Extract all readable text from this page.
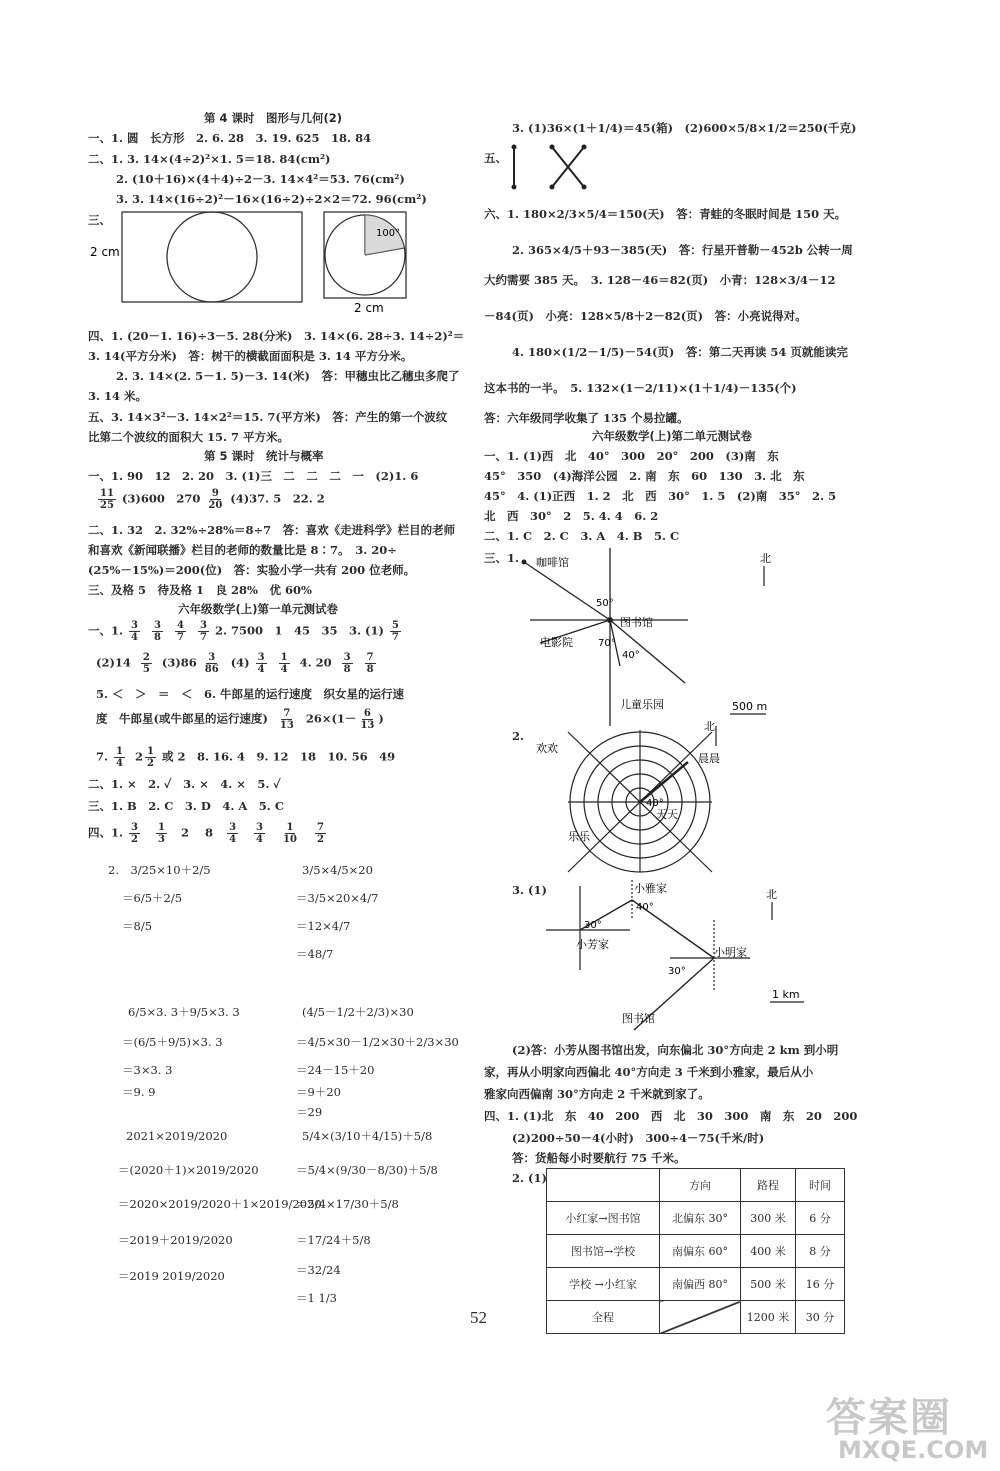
第 4 课时　图形与几何(2)
一、1. 圆　长方形　2. 6. 28　3. 19. 625　18. 84
二、1. 3. 14×(4÷2)²×1. 5＝18. 84(cm²)
2. (10＋16)×(4＋4)÷2－3. 14×4²＝53. 76(cm²)
3. 3. 14×(16÷2)²－16×(16÷2)÷2×2＝72. 96(cm²)
三、
100°
2 cm
2 cm
四、1. (20－1. 16)÷3－5. 28(分米)　3. 14×(6. 28÷3. 14÷2)²＝
3. 14(平方分米)　答：树干的横截面面积是 3. 14 平方分米。
2. 3. 14×(2. 5－1. 5)－3. 14(米)　答：甲穗虫比乙穗虫多爬了
3. 14 米。
五、3. 14×3²－3. 14×2²＝15. 7(平方米)　答：产生的第一个波纹
比第二个波纹的面积大 15. 7 平方米。
第 5 课时　统计与概率
一、1. 90　12　2. 20　3. (1)三　二　二　二　一　(2)1. 6
$\frac{11}{25} (3)600$　$270 \frac{9}{20} (4)37$. 5　22. 2
二、1. 32　2. 32%÷28%＝8÷7　答：喜欢《走进科学》栏目的老师
和喜欢《新闻联播》栏目的老师的数量比是 8∶7。　3. 20÷
(25%－15%)＝200(位)　答：实验小学一共有 200 位老师。
三、及格 5　待及格 1　良 28%　优 60%
六年级数学(上)第一单元测试卷
一、1. $\frac{3}{4}$
$\frac{3}{8}$
$\frac{4}{7}$
$\frac{3}{7} 2$. 7500　1　45　35　3. $(1) \frac{5}{7}$
$(2)14 \frac{2}{5} (3)86 \frac{3}{86} (4) \frac{3}{4}$
$\frac{1}{4} 4$. $20 \frac{3}{8}$
$\frac{7}{8}$
5. ＜　＞　＝　＜　6. 牛郎星的运行速度　织女星的运行速
度　牛郎星(或牛郎星的运行速度) $\frac{7}{13} 26\times(1- \frac{6}{13}$ )
7. $\frac{1}{4} 2 \frac{1}{2}$ 或 2　8. 16. 4　9. 12　18　10. 56　49
二、1. ×　2. ✓　3. ×　4. ×　5. ✓
三、1. B　2. C　3. D　4. A　5. C
四、1. $\frac{3}{2}$
$\frac{1}{3} 2$ $8 \frac{3}{4}$
$\frac{3}{4}$
$\frac{1}{10}$
$\frac{7}{2}$
2.　3/25×10＋2/5
＝6/5＋2/5
＝8/5
3/5×4/5×20
＝3/5×20×4/7
＝12×4/7
＝48/7
6/5×3. 3＋9/5×3. 3
＝(6/5＋9/5)×3. 3
＝3×3. 3
＝9. 9
(4/5－1/2＋2/3)×30
＝4/5×30－1/2×30＋2/3×30
＝24－15＋20
＝9＋20
＝29
2021×2019/2020
＝(2020＋1)×2019/2020
＝2020×2019/2020＋1×2019/2020
＝2019＋2019/2020
＝2019 2019/2020
5/4×(3/10＋4/15)＋5/8
＝5/4×(9/30－8/30)＋5/8
＝5/4×17/30＋5/8
＝17/24＋5/8
＝32/24
＝1 1/3
3. (1)36×(1＋1/4)＝45(箱)　(2)600×5/8×1/2＝250(千克)
五、
六、1. 180×2/3×5/4＝150(天)　答：青蛙的冬眠时间是 150 天。
2. 365×4/5＋93－385(天)　答：行星开普勒－452b 公转一周
大约需要 385 天。　3. 128－46＝82(页)　小青：128×3/4－12
－84(页)　小亮：128×5/8＋2－82(页)　答：小亮说得对。
4. 180×(1/2－1/5)－54(页)　答：第二天再读 54 页就能读完
这本书的一半。　5. 132×(1－2/11)×(1＋1/4)－135(个)
答：六年级同学收集了 135 个易拉罐。
六年级数学(上)第二单元测试卷
一、1. (1)西　北　40°　300　20°　200　(3)南　东
45°　350　(4)海洋公园　2. 南　东　60　130　3. 北　东
45°　4. (1)正西　1. 2　北　西　30°　1. 5　(2)南　35°　2. 5
北　西　30°　2　5. 4. 4　6. 2
二、1. C　2. C　3. A　4. B　5. C
三、1. 咖啡馆
图书馆
电影院
儿童乐园
50°
70°
40°
北
500 m
2.
欢欢
晨晨
乐乐
天天
40°
北
3. (1)	小雅家
小芳家
小明家
图书馆
40°
30°
30°
北
1 km
(2)答：小芳从图书馆出发，向东偏北 30°方向走 2 km 到小明
家，再从小明家向西偏北 40°方向走 3 千米到小雅家，最后从小
雅家向西偏南 30°方向走 2 千米就到家了。
四、1. (1)北　东　40　200　西　北　30　300　南　东　20　200
(2)200÷50－4(小时)　300÷4－75(千米/时)
答：货船每小时要航行 75 千米。
2. (1)
	方向	路程	时间
小红家→图书馆	北偏东 30°	300 米	6 分
图书馆→学校	南偏东 60°	400 米	8 分
学校 →小红家	南偏西 80°	500 米	16 分
全程		1200 米	30 分
52
答案圈
MXQE.COM
